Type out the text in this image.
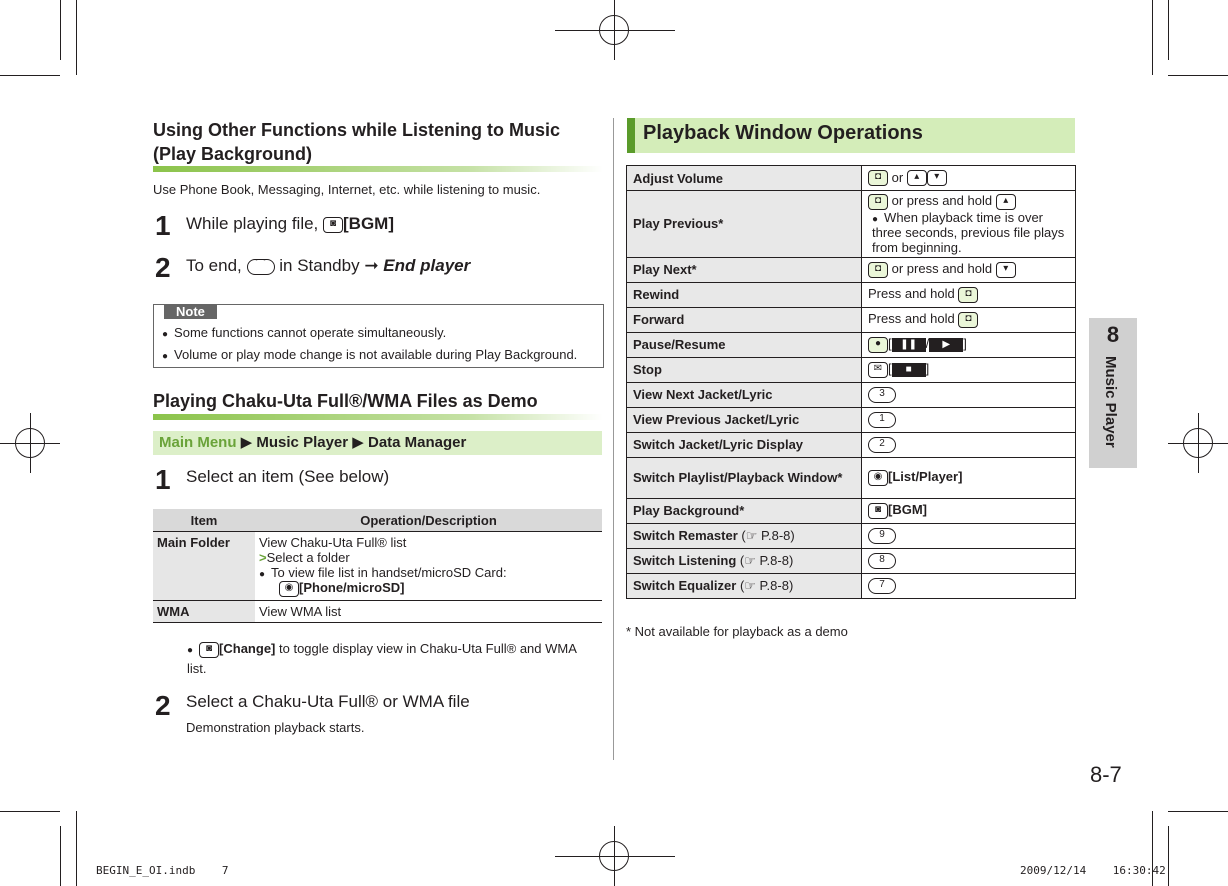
Using Other Functions while Listening to Music
(Play Background)
Use Phone Book, Messaging, Internet, etc. while listening to music.
1 While playing file, ◙ [BGM]
2 To end, ⌒ in Standby ➞ End player
Note
● Some functions cannot operate simultaneously.
● Volume or play mode change is not available during Play Background.
Playing Chaku-Uta Full®/WMA Files as Demo
Main Menu ▶ Music Player ▶ Data Manager
1 Select an item (See below)
Item	Operation/Description
Main Folder	View Chaku-Uta Full® list
>Select a folder
● To view file list in handset/microSD Card:
◉ [Phone/microSD]

WMA	View WMA list
● ◙ [Change] to toggle display view in Chaku-Uta Full® and WMA list.
2 Select a Chaku-Uta Full® or WMA file
Demonstration playback starts.
Playback Window Operations
Adjust Volume	◘ or ▴ ▾
Play Previous*	◘ or press and hold ▴
● When playback time is over three seconds, previous file plays from beginning.

Play Next*	◘ or press and hold ▾
Rewind	Press and hold ◘
Forward	Press and hold ◘
Pause/Resume	● [ ❚❚ / ▶ ]
Stop	✉ [ ■ ]
View Next Jacket/Lyric	3
View Previous Jacket/Lyric	1
Switch Jacket/Lyric Display	2
Switch Playlist/Playback Window*	◉ [List/Player]
Play Background*	◙ [BGM]
Switch Remaster (☞ P.8-8)	9
Switch Listening (☞ P.8-8)	8
Switch Equalizer (☞ P.8-8)	7
* Not available for playback as a demo
8
Music Player
8-7
BEGIN_E_OI.indb    7	2009/12/14    16:30:42
